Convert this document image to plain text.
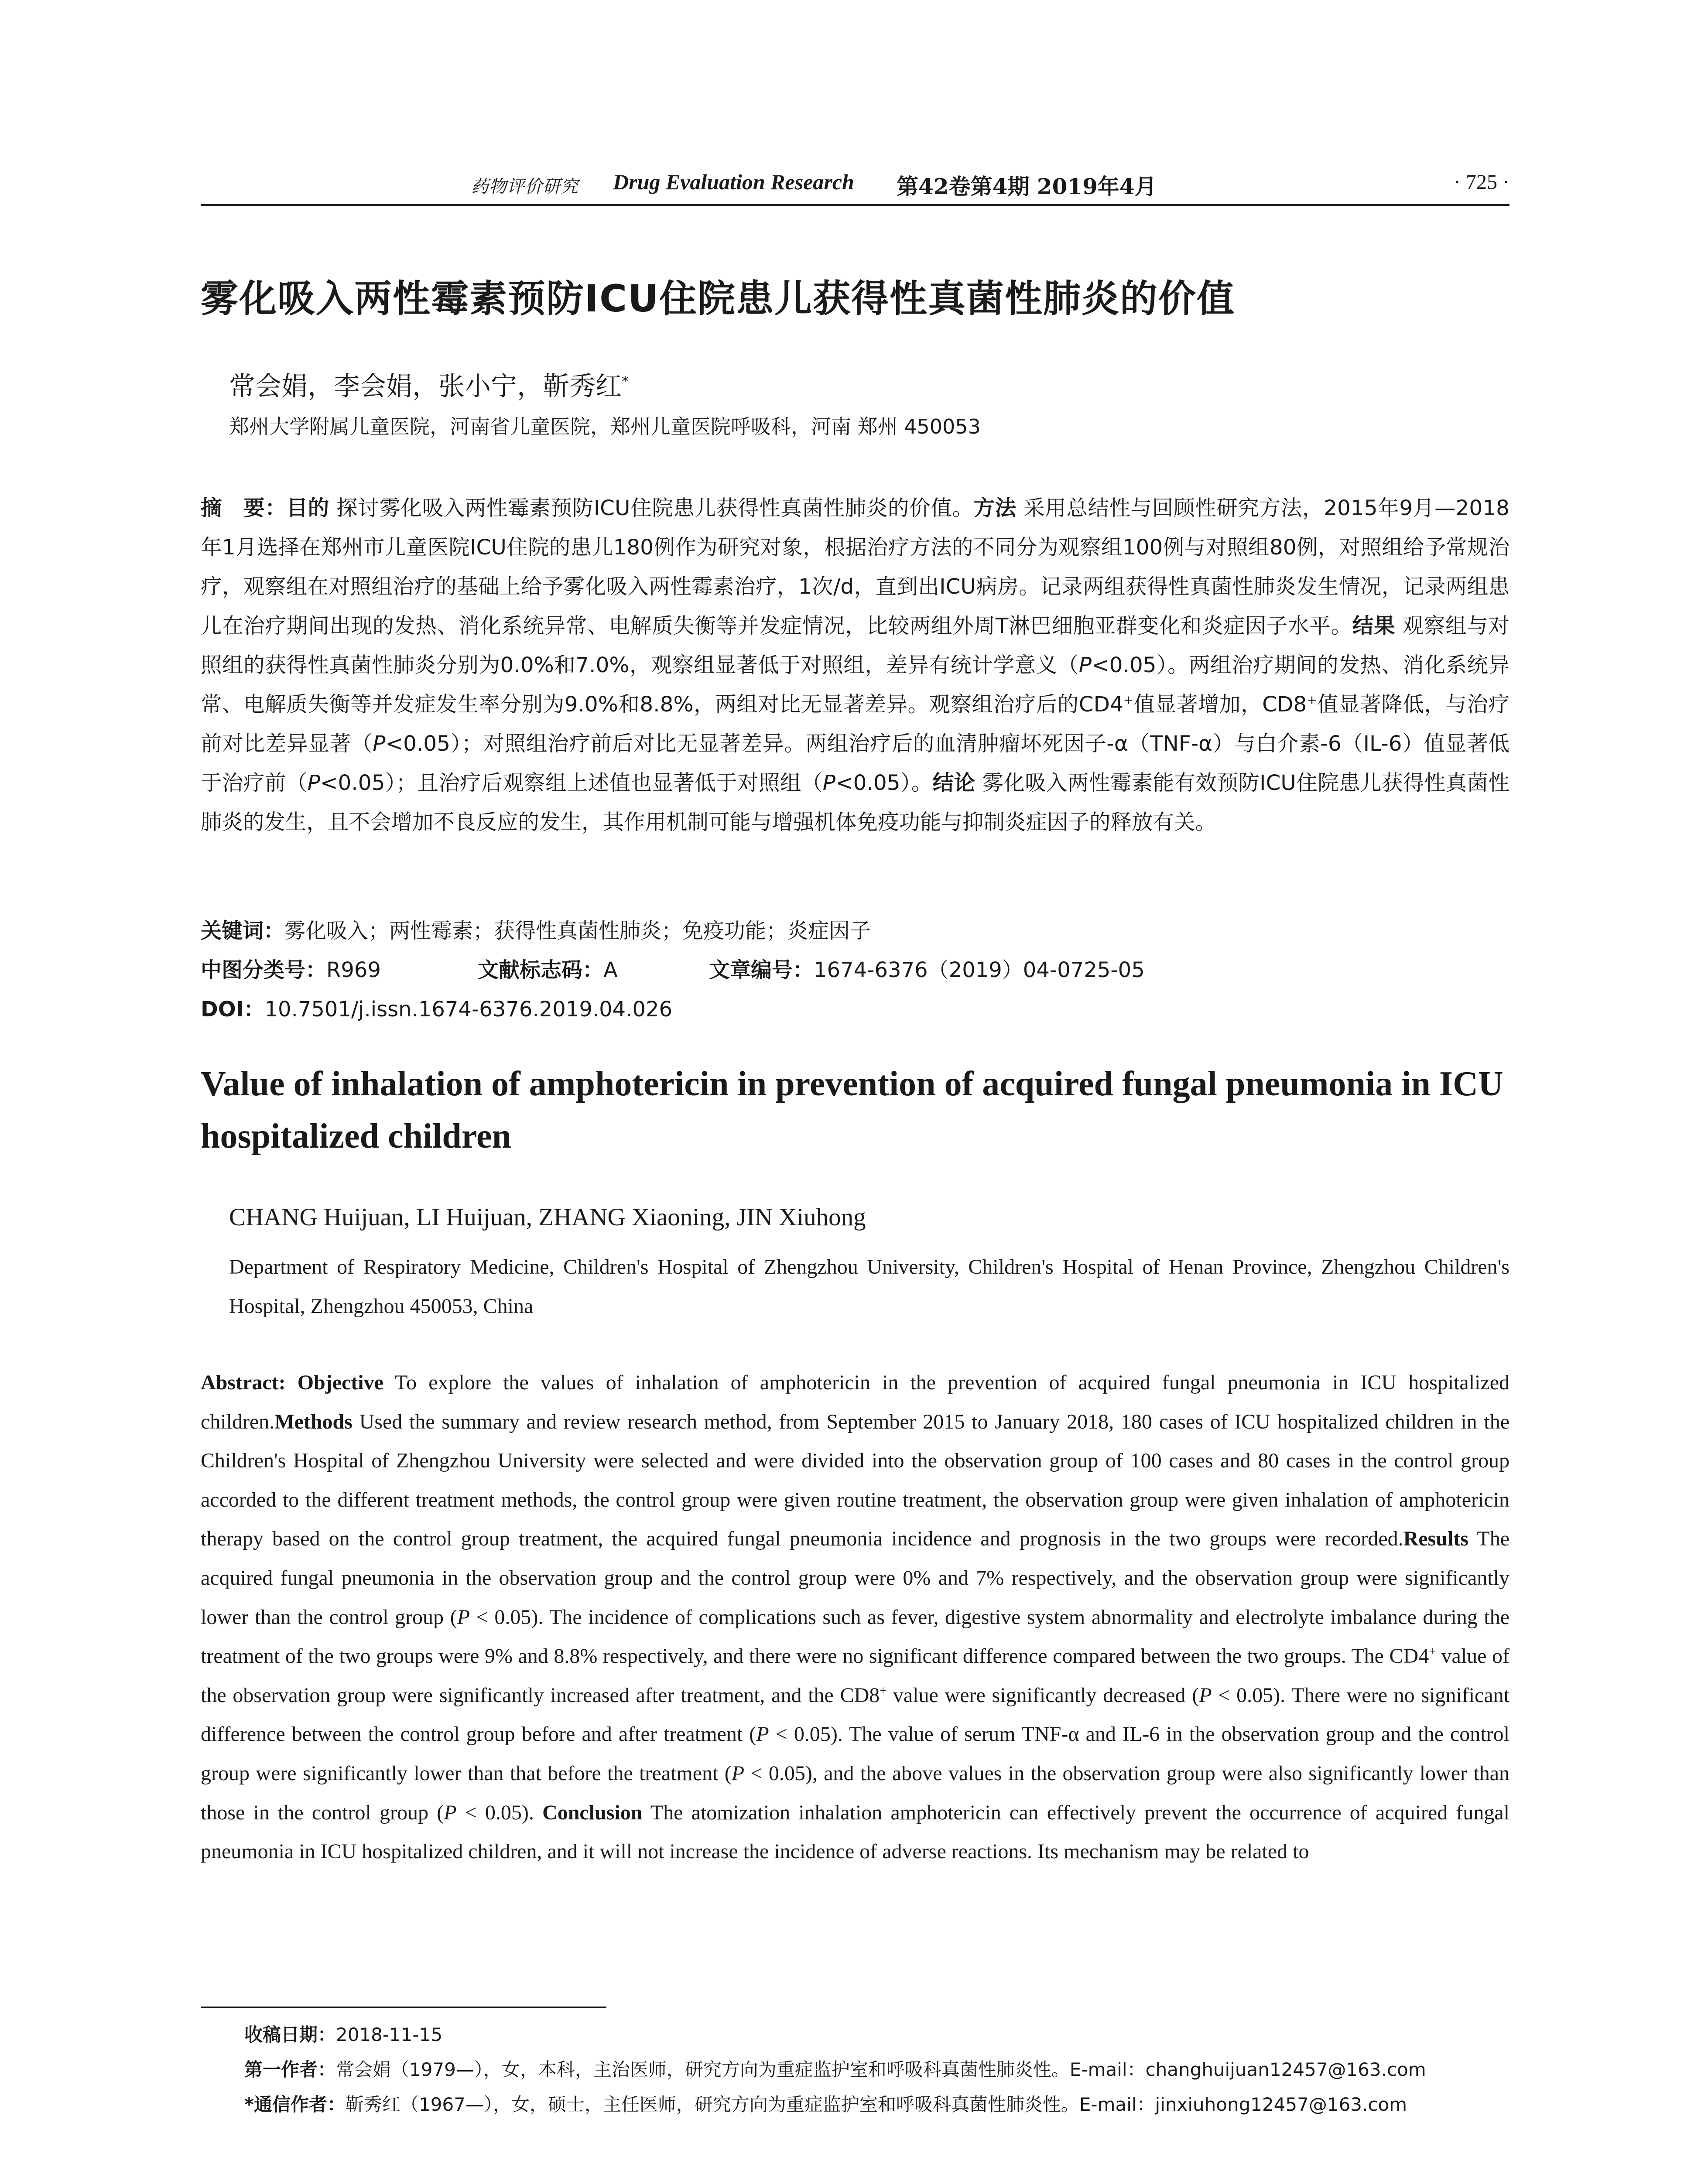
药物评价研究 Drug Evaluation Research 第42卷第4期 2019年4月	· 725 ·
雾化吸入两性霉素预防ICU住院患儿获得性真菌性肺炎的价值
常会娟，李会娟，张小宁，靳秀红*
郑州大学附属儿童医院，河南省儿童医院，郑州儿童医院呼吸科，河南 郑州 450053
摘　要：目的 探讨雾化吸入两性霉素预防ICU住院患儿获得性真菌性肺炎的价值。方法 采用总结性与回顾性研究方法，2015年9月—2018年1月选择在郑州市儿童医院ICU住院的患儿180例作为研究对象，根据治疗方法的不同分为观察组100例与对照组80例，对照组给予常规治疗，观察组在对照组治疗的基础上给予雾化吸入两性霉素治疗，1次/d，直到出ICU病房。记录两组获得性真菌性肺炎发生情况，记录两组患儿在治疗期间出现的发热、消化系统异常、电解质失衡等并发症情况，比较两组外周T淋巴细胞亚群变化和炎症因子水平。结果 观察组与对照组的获得性真菌性肺炎分别为0.0%和7.0%，观察组显著低于对照组，差异有统计学意义（P<0.05）。两组治疗期间的发热、消化系统异常、电解质失衡等并发症发生率分别为9.0%和8.8%，两组对比无显著差异。观察组治疗后的CD4+值显著增加，CD8+值显著降低，与治疗前对比差异显著（P<0.05）；对照组治疗前后对比无显著差异。两组治疗后的血清肿瘤坏死因子-α（TNF-α）与白介素-6（IL-6）值显著低于治疗前（P<0.05）；且治疗后观察组上述值也显著低于对照组（P<0.05）。结论 雾化吸入两性霉素能有效预防ICU住院患儿获得性真菌性肺炎的发生，且不会增加不良反应的发生，其作用机制可能与增强机体免疫功能与抑制炎症因子的释放有关。
关键词：雾化吸入；两性霉素；获得性真菌性肺炎；免疫功能；炎症因子
中图分类号：R969	文献标志码：A	文章编号：1674-6376（2019）04-0725-05
DOI：10.7501/j.issn.1674-6376.2019.04.026
Value of inhalation of amphotericin in prevention of acquired fungal pneumonia in ICU hospitalized children
CHANG Huijuan, LI Huijuan, ZHANG Xiaoning, JIN Xiuhong
Department of Respiratory Medicine, Children's Hospital of Zhengzhou University, Children's Hospital of Henan Province, Zhengzhou Children's Hospital, Zhengzhou 450053, China
Abstract: Objective To explore the values of inhalation of amphotericin in the prevention of acquired fungal pneumonia in ICU hospitalized children.Methods Used the summary and review research method, from September 2015 to January 2018, 180 cases of ICU hospitalized children in the Children's Hospital of Zhengzhou University were selected and were divided into the observation group of 100 cases and 80 cases in the control group accorded to the different treatment methods, the control group were given routine treatment, the observation group were given inhalation of amphotericin therapy based on the control group treatment, the acquired fungal pneumonia incidence and prognosis in the two groups were recorded.Results The acquired fungal pneumonia in the observation group and the control group were 0% and 7% respectively, and the observation group were significantly lower than the control group (P < 0.05). The incidence of complications such as fever, digestive system abnormality and electrolyte imbalance during the treatment of the two groups were 9% and 8.8% respectively, and there were no significant difference compared between the two groups. The CD4+ value of the observation group were significantly increased after treatment, and the CD8+ value were significantly decreased (P < 0.05). There were no significant difference between the control group before and after treatment (P < 0.05). The value of serum TNF-α and IL-6 in the observation group and the control group were significantly lower than that before the treatment (P < 0.05), and the above values in the observation group were also significantly lower than those in the control group (P < 0.05). Conclusion The atomization inhalation amphotericin can effectively prevent the occurrence of acquired fungal pneumonia in ICU hospitalized children, and it will not increase the incidence of adverse reactions. Its mechanism may be related to
收稿日期：2018-11-15
第一作者：常会娟（1979—），女，本科，主治医师，研究方向为重症监护室和呼吸科真菌性肺炎性。E-mail：changhuijuan12457@163.com
*通信作者：靳秀红（1967—），女，硕士，主任医师，研究方向为重症监护室和呼吸科真菌性肺炎性。E-mail：jinxiuhong12457@163.com
